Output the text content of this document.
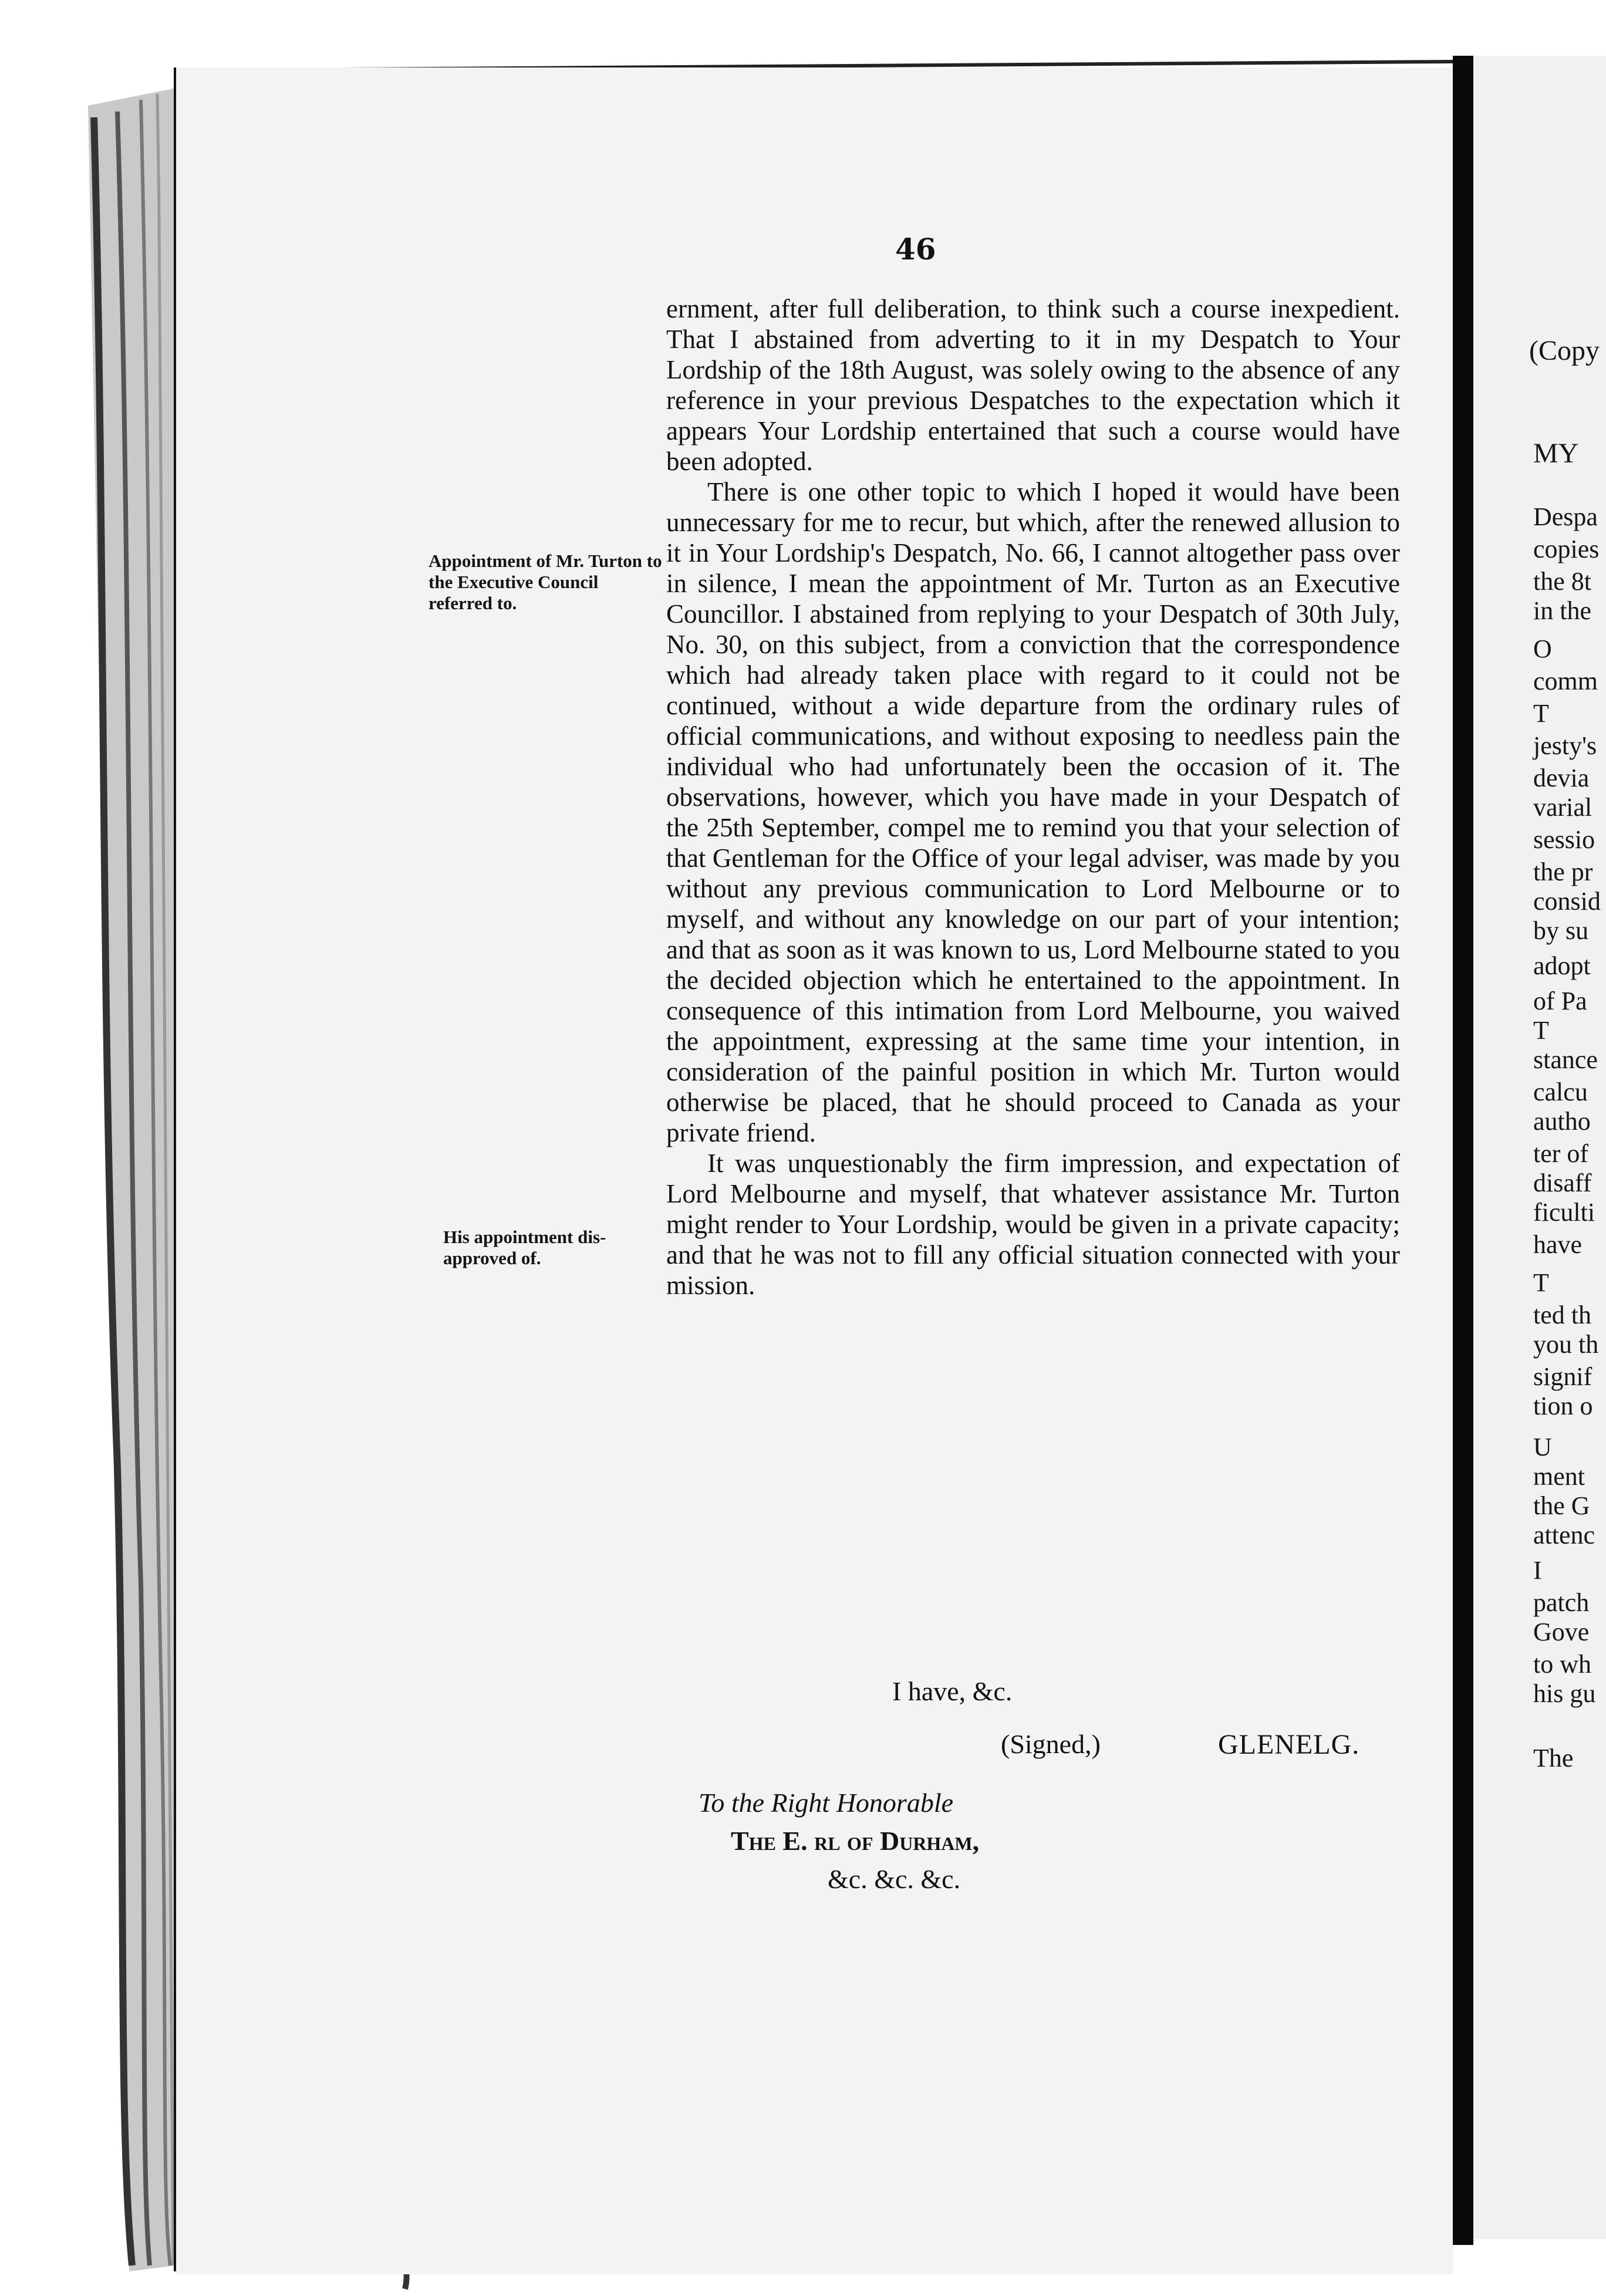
46
Appointment of Mr. Turton to the Executive Council referred to.
His appointment dis-approved of.

ernment, after full deliberation, to think such a course inexpedient. That I abstained from adverting to it in my Despatch to Your Lordship of the 18th August, was solely owing to the absence of any reference in your previous Despatches to the expectation which it appears Your Lordship entertained that such a course would have been adopted.

There is one other topic to which I hoped it would have been unnecessary for me to recur, but which, after the renewed allusion to it in Your Lordship's Despatch, No. 66, I cannot altogether pass over in silence, I mean the appointment of Mr. Turton as an Executive Councillor. I abstained from replying to your Despatch of 30th July, No. 30, on this subject, from a conviction that the correspondence which had already taken place with regard to it could not be continued, without a wide departure from the ordinary rules of official communications, and without exposing to needless pain the individual who had unfortunately been the occasion of it. The observations, however, which you have made in your Despatch of the 25th September, compel me to remind you that your selection of that Gentleman for the Office of your legal adviser, was made by you without any previous communication to Lord Melbourne or to myself, and without any knowledge on our part of your intention; and that as soon as it was known to us, Lord Melbourne stated to you the decided objection which he entertained to the appointment. In consequence of this intimation from Lord Melbourne, you waived the appointment, expressing at the same time your intention, in consideration of the painful position in which Mr. Turton would otherwise be placed, that he should proceed to Canada as your private friend.

It was unquestionably the firm impression, and expectation of Lord Melbourne and myself, that whatever assistance Mr. Turton might render to Your Lordship, would be given in a private capacity; and that he was not to fill any official situation connected with your mission.

I have, &c.
(Signed,)	GLENELG.
To the Right Honorable
The E. rl of Durham,
&c. &c. &c.
(Copy
MY
Despa
copies
the 8t
in the
O
comm
T
jesty's
devia
varial
sessio
the pr
consid
by su
adopt
of Pa
T
stance
calcu
autho
ter of
disaff
ficulti
have
T
ted th
you th
signif
tion o
U
ment
the G
attenc
I
patch
Gove
to wh
his gu
The
